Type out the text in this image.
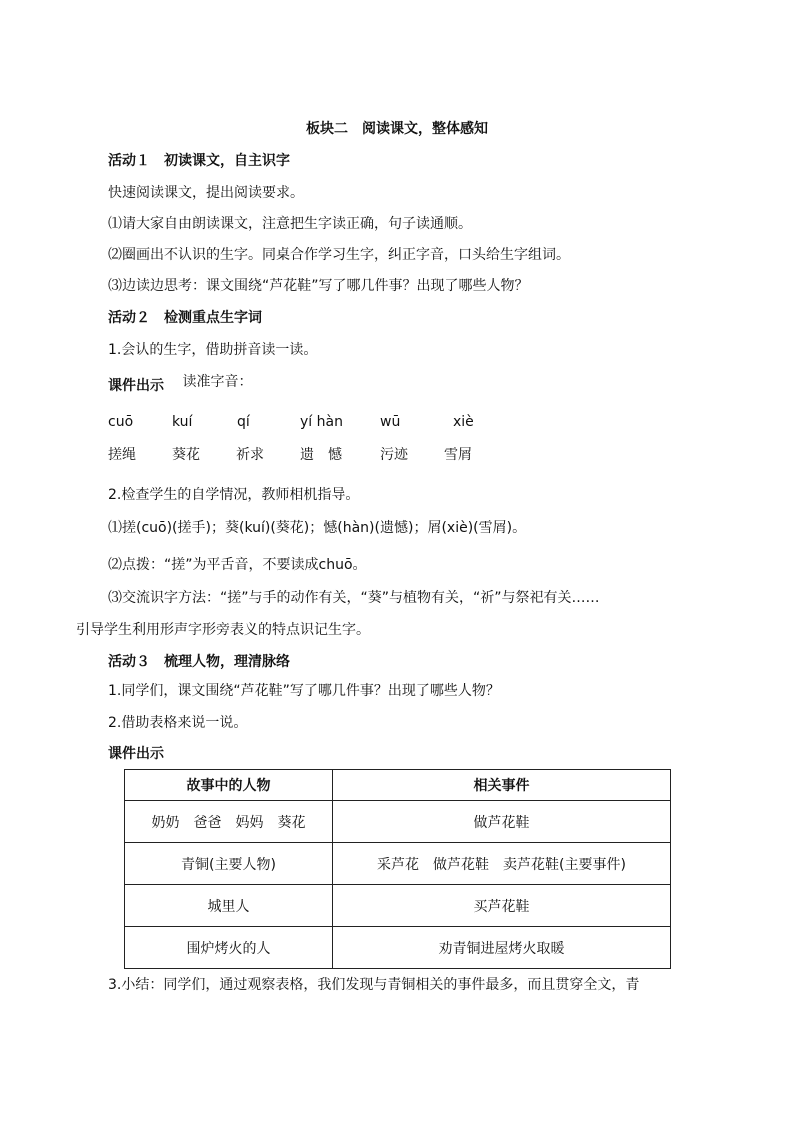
板块二　阅读课文，整体感知
活动１　初读课文，自主识字
快速阅读课文，提出阅读要求。
⑴请大家自由朗读课文，注意把生字读正确，句子读通顺。
⑵圈画出不认识的生字。同桌合作学习生字，纠正字音，口头给生字组词。
⑶边读边思考：课文围绕“芦花鞋”写了哪几件事？出现了哪些人物？
活动２　检测重点生字词
1.会认的生字，借助拼音读一读。
课件出示 读准字音：
cuō	kuí	qí	yí hàn	wū	xiè
搓绳	葵花	祈求	遗　憾	污迹	雪屑
2.检查学生的自学情况，教师相机指导。
⑴搓(cuō)(搓手)；葵(kuí)(葵花)；憾(hàn)(遗憾)；屑(xiè)(雪屑)。
⑵点拨：“搓”为平舌音，不要读成chuō。
⑶交流识字方法：“搓”与手的动作有关，“葵”与植物有关，“祈”与祭祀有关……
引导学生利用形声字形旁表义的特点识记生字。
活动３　梳理人物，理清脉络
1.同学们，课文围绕“芦花鞋”写了哪几件事？出现了哪些人物？
2.借助表格来说一说。
课件出示
故事中的人物	相关事件
奶奶　爸爸　妈妈　葵花	做芦花鞋
青铜(主要人物)	采芦花　做芦花鞋　卖芦花鞋(主要事件)
城里人	买芦花鞋
围炉烤火的人	劝青铜进屋烤火取暖
3.小结：同学们，通过观察表格，我们发现与青铜相关的事件最多，而且贯穿全文，青
